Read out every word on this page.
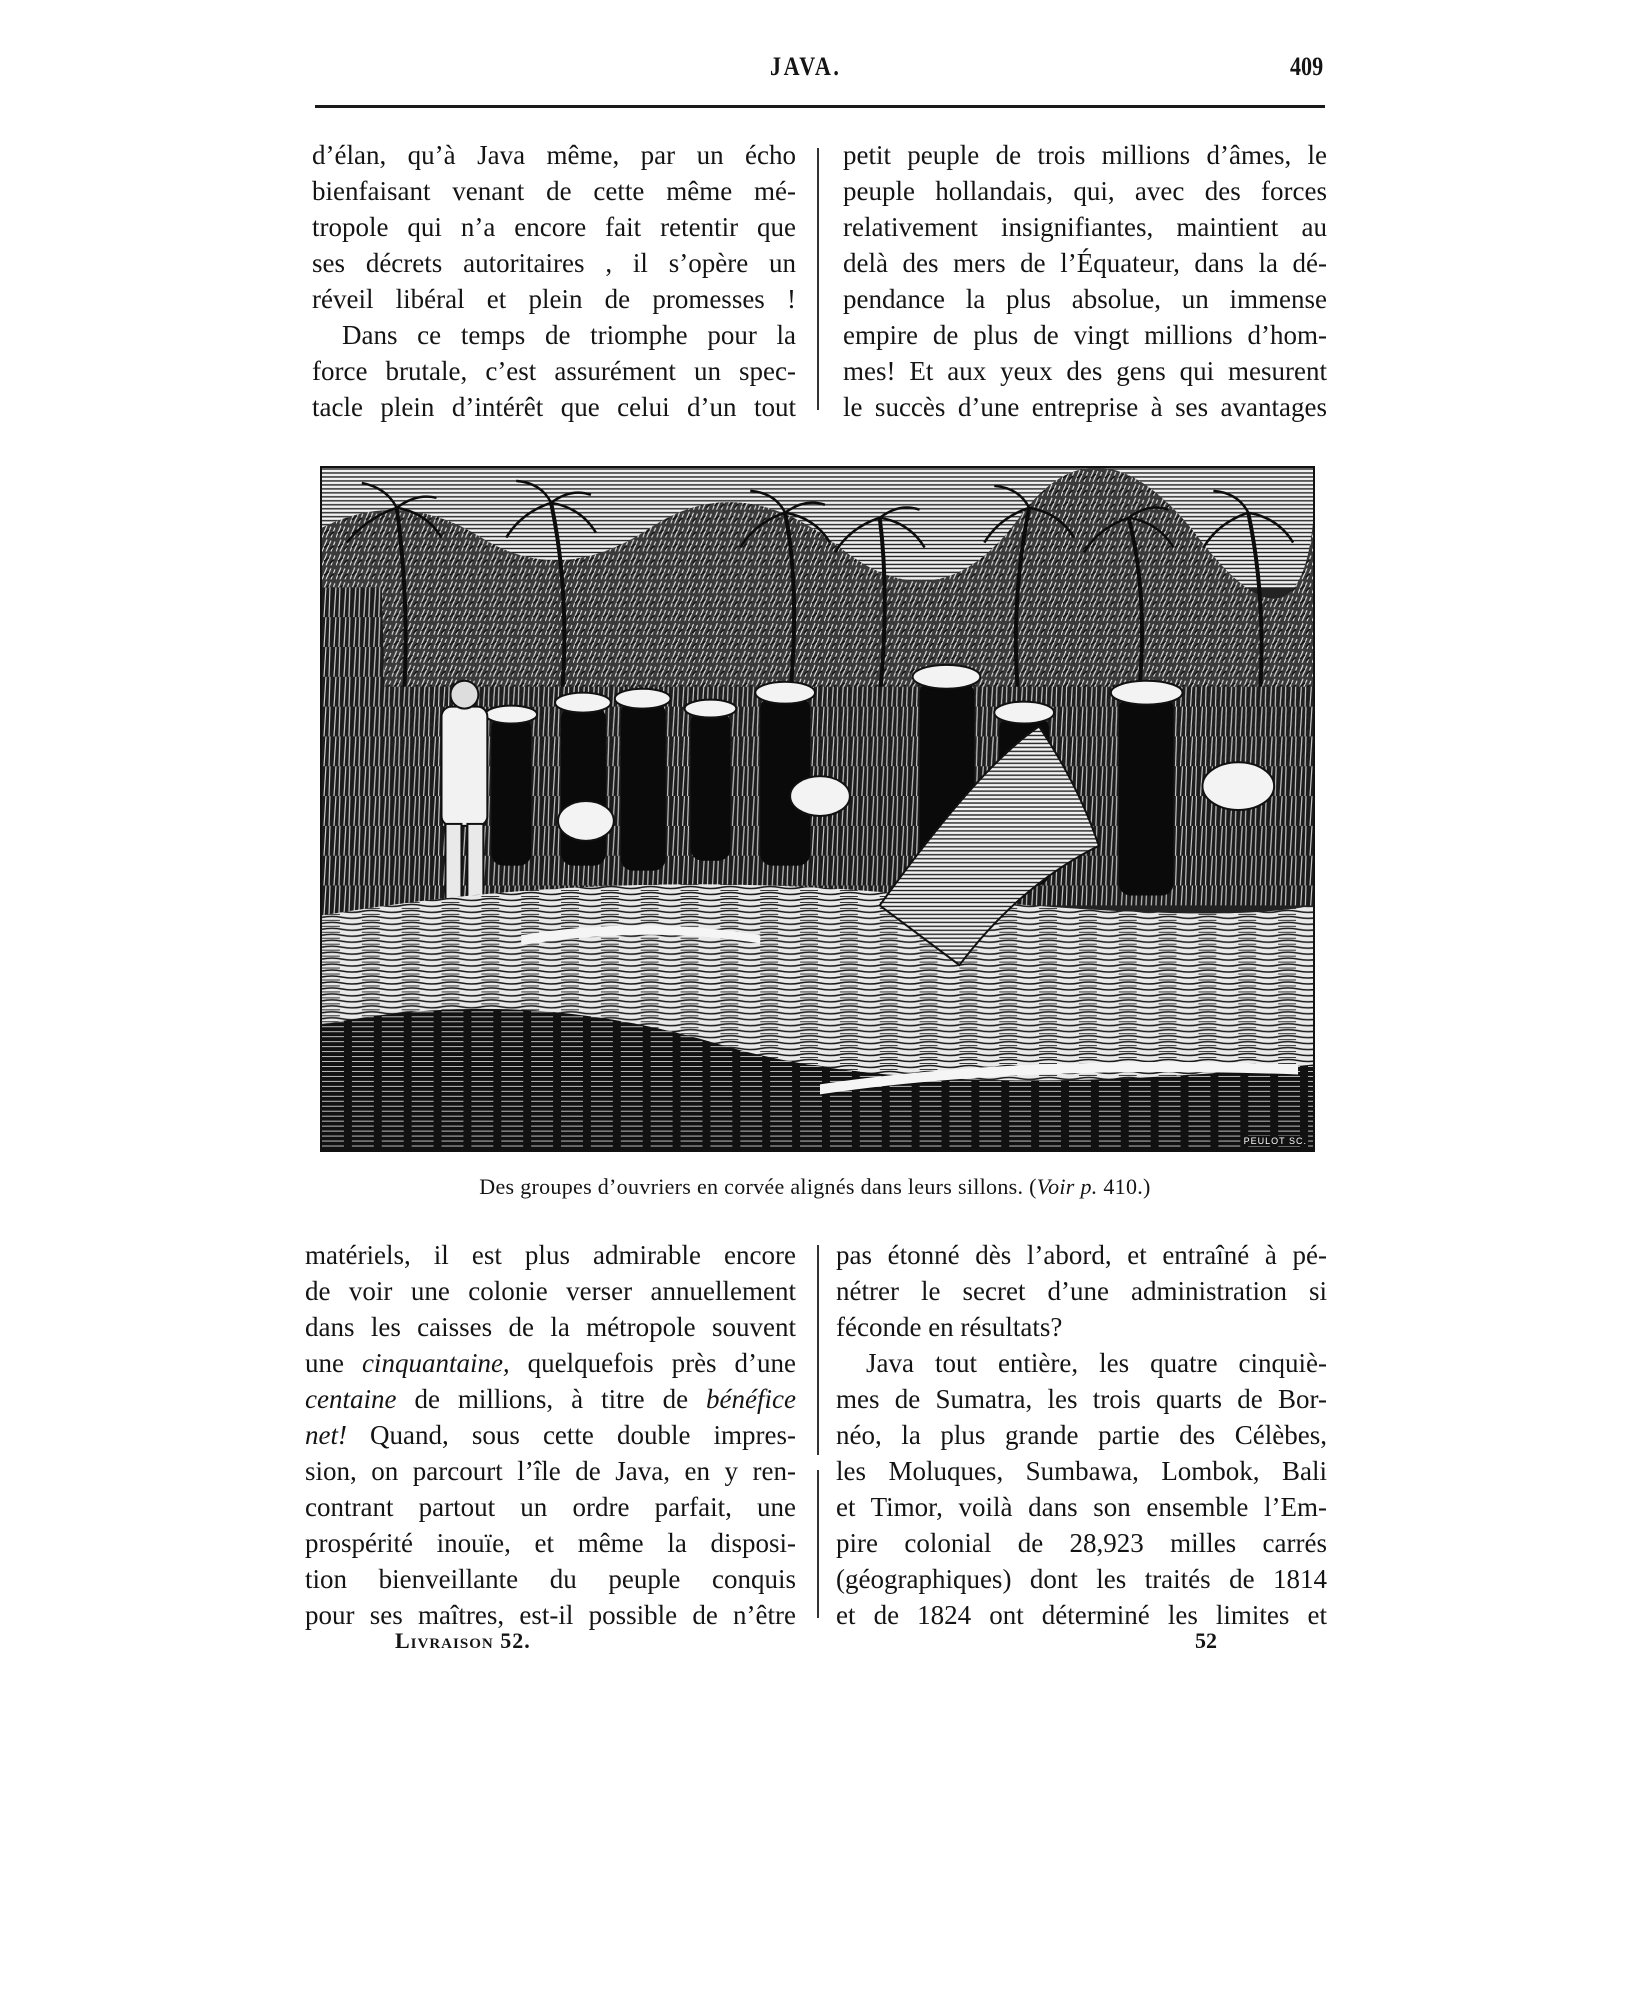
JAVA.	409
d’élan, qu’à Java même, par un écho
bienfaisant venant de cette même mé-
tropole qui n’a encore fait retentir que
ses décrets autoritaires , il s’opère un
réveil libéral et plein de promesses !
Dans ce temps de triomphe pour la
force brutale, c’est assurément un spec-
tacle plein d’intérêt que celui d’un tout
petit peuple de trois millions d’âmes, le
peuple hollandais, qui, avec des forces
relativement insignifiantes, maintient au
delà des mers de l’Équateur, dans la dé-
pendance la plus absolue, un immense
empire de plus de vingt millions d’hom-
mes! Et aux yeux des gens qui mesurent
le succès d’une entreprise à ses avantages
PEULOT SC.
Des groupes d’ouvriers en corvée alignés dans leurs sillons. (Voir p. 410.)
matériels, il est plus admirable encore
de voir une colonie verser annuellement
dans les caisses de la métropole souvent
une cinquantaine, quelquefois près d’une
centaine de millions, à titre de bénéfice
net! Quand, sous cette double impres-
sion, on parcourt l’île de Java, en y ren-
contrant partout un ordre parfait, une
prospérité inouïe, et même la disposi-
tion bienveillante du peuple conquis
pour ses maîtres, est-il possible de n’être
pas étonné dès l’abord, et entraîné à pé-
nétrer le secret d’une administration si
féconde en résultats?
Java tout entière, les quatre cinquiè-
mes de Sumatra, les trois quarts de Bor-
néo, la plus grande partie des Célèbes,
les Moluques, Sumbawa, Lombok, Bali
et Timor, voilà dans son ensemble l’Em-
pire colonial de 28,923 milles carrés
(géographiques) dont les traités de 1814
et de 1824 ont déterminé les limites et
Livraison 52.	52
